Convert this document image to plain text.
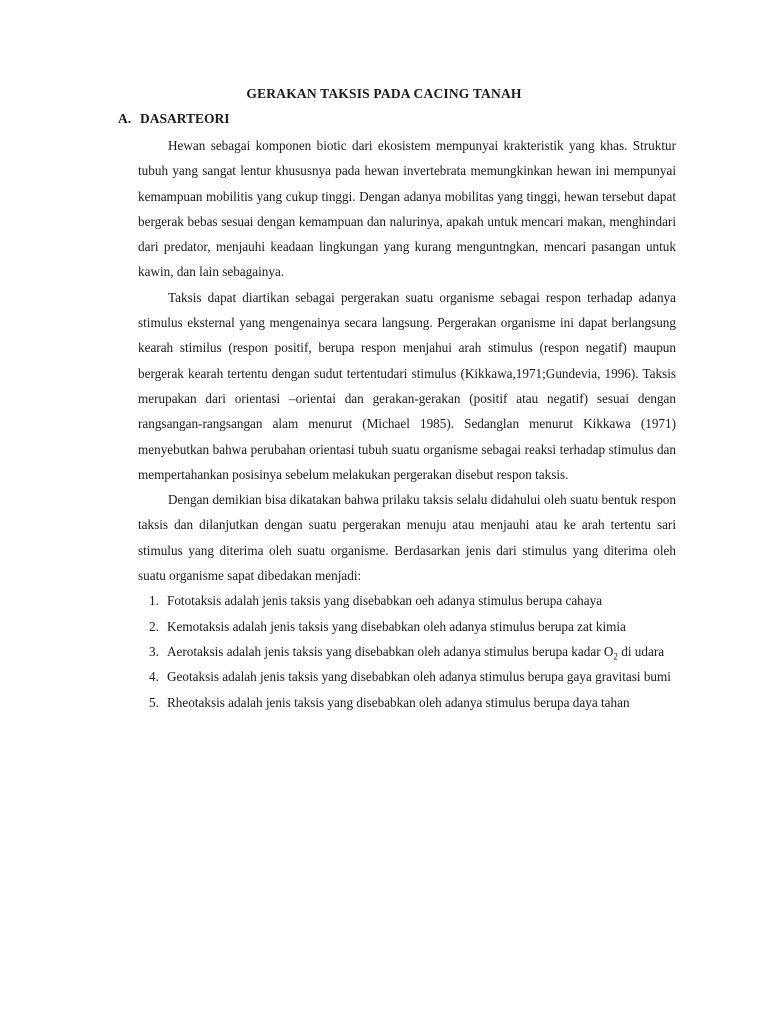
GERAKAN TAKSIS PADA CACING TANAH
A. DASARTEORI

Hewan sebagai komponen biotic dari ekosistem mempunyai krakteristik yang khas. Struktur tubuh yang sangat lentur khususnya pada hewan invertebrata memungkinkan hewan ini mempunyai kemampuan mobilitis yang cukup tinggi. Dengan adanya mobilitas yang tinggi, hewan tersebut dapat bergerak bebas sesuai dengan kemampuan dan nalurinya, apakah untuk mencari makan, menghindari dari predator, menjauhi keadaan lingkungan yang kurang menguntngkan, mencari pasangan untuk kawin, dan lain sebagainya.

Taksis dapat diartikan sebagai pergerakan suatu organisme sebagai respon terhadap adanya stimulus eksternal yang mengenainya secara langsung. Pergerakan organisme ini dapat berlangsung kearah stimilus (respon positif, berupa respon menjahui arah stimulus (respon negatif) maupun bergerak kearah tertentu dengan sudut tertentudari stimulus (Kikkawa,1971;Gundevia, 1996). Taksis merupakan dari orientasi –orientai dan gerakan-gerakan (positif atau negatif) sesuai dengan rangsangan-rangsangan alam menurut (Michael 1985). Sedanglan menurut Kikkawa (1971) menyebutkan bahwa perubahan orientasi tubuh suatu organisme sebagai reaksi terhadap stimulus dan mempertahankan posisinya sebelum melakukan pergerakan disebut respon taksis.

Dengan demikian bisa dikatakan bahwa prilaku taksis selalu didahului oleh suatu bentuk respon taksis dan dilanjutkan dengan suatu pergerakan menuju atau menjauhi atau ke arah tertentu sari stimulus yang diterima oleh suatu organisme. Berdasarkan jenis dari stimulus yang diterima oleh suatu organisme sapat dibedakan menjadi:

1. Fototaksis adalah jenis taksis yang disebabkan oeh adanya stimulus berupa cahaya
2. Kemotaksis adalah jenis taksis yang disebabkan oleh adanya stimulus berupa zat kimia
3. Aerotaksis adalah jenis taksis yang disebabkan oleh adanya stimulus berupa kadar $O_2$ di udara
4. Geotaksis adalah jenis taksis yang disebabkan oleh adanya stimulus berupa gaya gravitasi bumi
5. Rheotaksis adalah jenis taksis yang disebabkan oleh adanya stimulus berupa daya tahan
